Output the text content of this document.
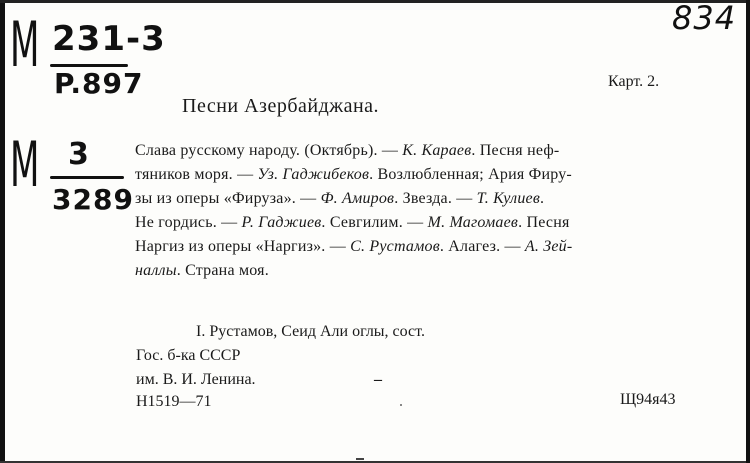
M 231-3
P.897
834
M 3
3289
Карт. 2.
Песни Азербайджана.
Слава русскому народу. (Октябрь). — К. Караев. Песня неф-
тяников моря. — Уз. Гаджибеков. Возлюбленная; Ария Фиру-
зы из оперы «Фируза». — Ф. Амиров. Звезда. — Т. Кулиев.
Не гордись. — Р. Гаджиев. Севгилим. — М. Магомаев. Песня
Наргиз из оперы «Наргиз». — С. Рустамов. Алагез. — А. Зей-
наллы. Страна моя.
I. Рустамов, Сеид Али оглы, сост.
Гос. б-ка СССР
им. В. И. Ленина.	–
Н1519—71	Щ94я43
